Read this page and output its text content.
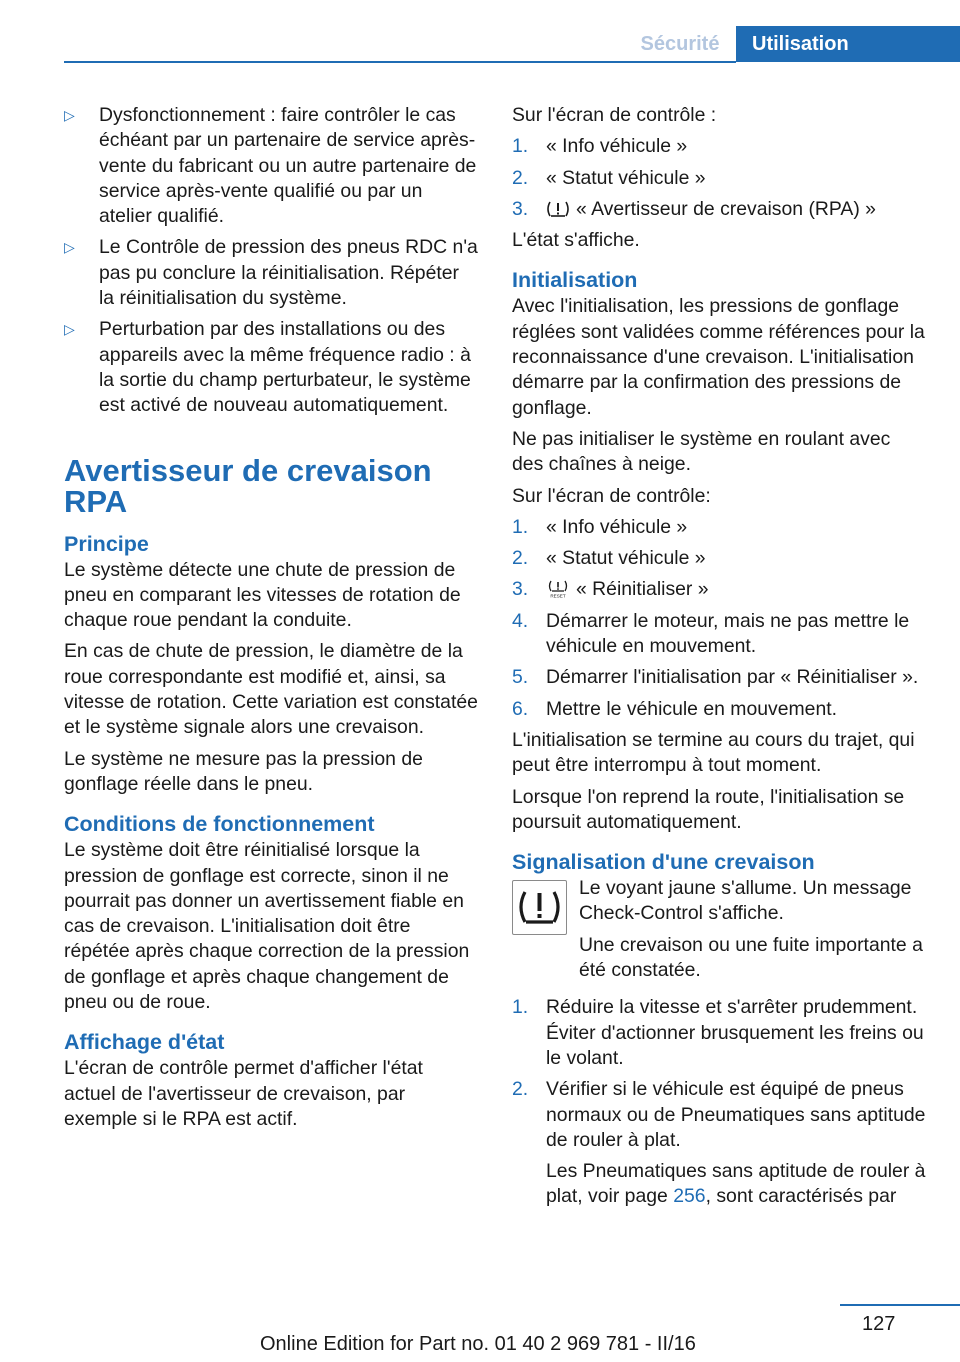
Sécurité	Utilisation
▷ Dysfonctionnement : faire contrôler le cas échéant par un partenaire de service après-vente du fabricant ou un autre partenaire de service après-vente qualifié ou par un atelier qualifié.
▷ Le Contrôle de pression des pneus RDC n'a pas pu conclure la réinitialisation. Répéter la réinitialisation du système.
▷ Perturbation par des installations ou des appareils avec la même fréquence radio : à la sortie du champ perturbateur, le système est activé de nouveau automatiquement.
Avertisseur de crevaison RPA
Principe

Le système détecte une chute de pression de pneu en comparant les vitesses de rotation de chaque roue pendant la conduite.

En cas de chute de pression, le diamètre de la roue correspondante est modifié et, ainsi, sa vitesse de rotation. Cette variation est constatée et le système signale alors une crevaison.

Le système ne mesure pas la pression de gonflage réelle dans le pneu.

Conditions de fonctionnement

Le système doit être réinitialisé lorsque la pression de gonflage est correcte, sinon il ne pourrait pas donner un avertissement fiable en cas de crevaison. L'initialisation doit être répétée après chaque correction de la pression de gonflage et après chaque changement de pneu ou de roue.

Affichage d'état

L'écran de contrôle permet d'afficher l'état actuel de l'avertisseur de crevaison, par exemple si le RPA est actif.

Sur l'écran de contrôle :

1. « Info véhicule »
2. « Statut véhicule »
3. « Avertisseur de crevaison (RPA) »

L'état s'affiche.

Initialisation

Avec l'initialisation, les pressions de gonflage réglées sont validées comme références pour la reconnaissance d'une crevaison. L'initialisation démarre par la confirmation des pressions de gonflage.

Ne pas initialiser le système en roulant avec des chaînes à neige.

Sur l'écran de contrôle:

1. « Info véhicule »
2. « Statut véhicule »
3.	RESET « Réinitialiser »
4. Démarrer le moteur, mais ne pas mettre le véhicule en mouvement.
5. Démarrer l'initialisation par « Réinitialiser ».
6. Mettre le véhicule en mouvement.

L'initialisation se termine au cours du trajet, qui peut être interrompu à tout moment.

Lorsque l'on reprend la route, l'initialisation se poursuit automatiquement.

Signalisation d'une crevaison

Le voyant jaune s'allume. Un message Check-Control s'affiche.

Une crevaison ou une fuite importante a été constatée.

1. Réduire la vitesse et s'arrêter prudemment. Éviter d'actionner brusquement les freins ou le volant.
2. Vérifier si le véhicule est équipé de pneus normaux ou de Pneumatiques sans aptitude de rouler à plat.

Les Pneumatiques sans aptitude de rouler à plat, voir page 256, sont caractérisés par

127
Online Edition for Part no. 01 40 2 969 781 - II/16
